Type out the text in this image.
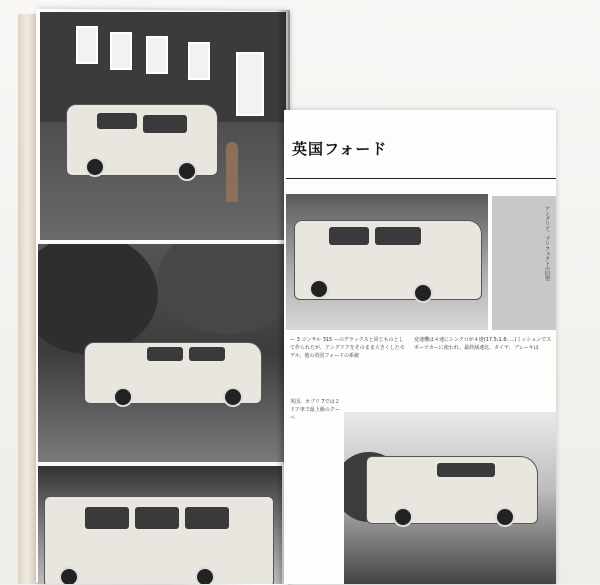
英国フォード
アングリア、プリフェクトの旧型
ー 3 コンサル 315 ーのデラックスと同じものとして作られたが、アングリアをそのまま大きくしたモデル。他の英国フォードの系統
変速機は４速にシンクロが４速(17.5:1.6: ...)ミッションでスポーツカーに使われ、最終減速比、タイヤ、ブレーキは
英国、カプリ 7では２ドア車で最上級のクーペ
